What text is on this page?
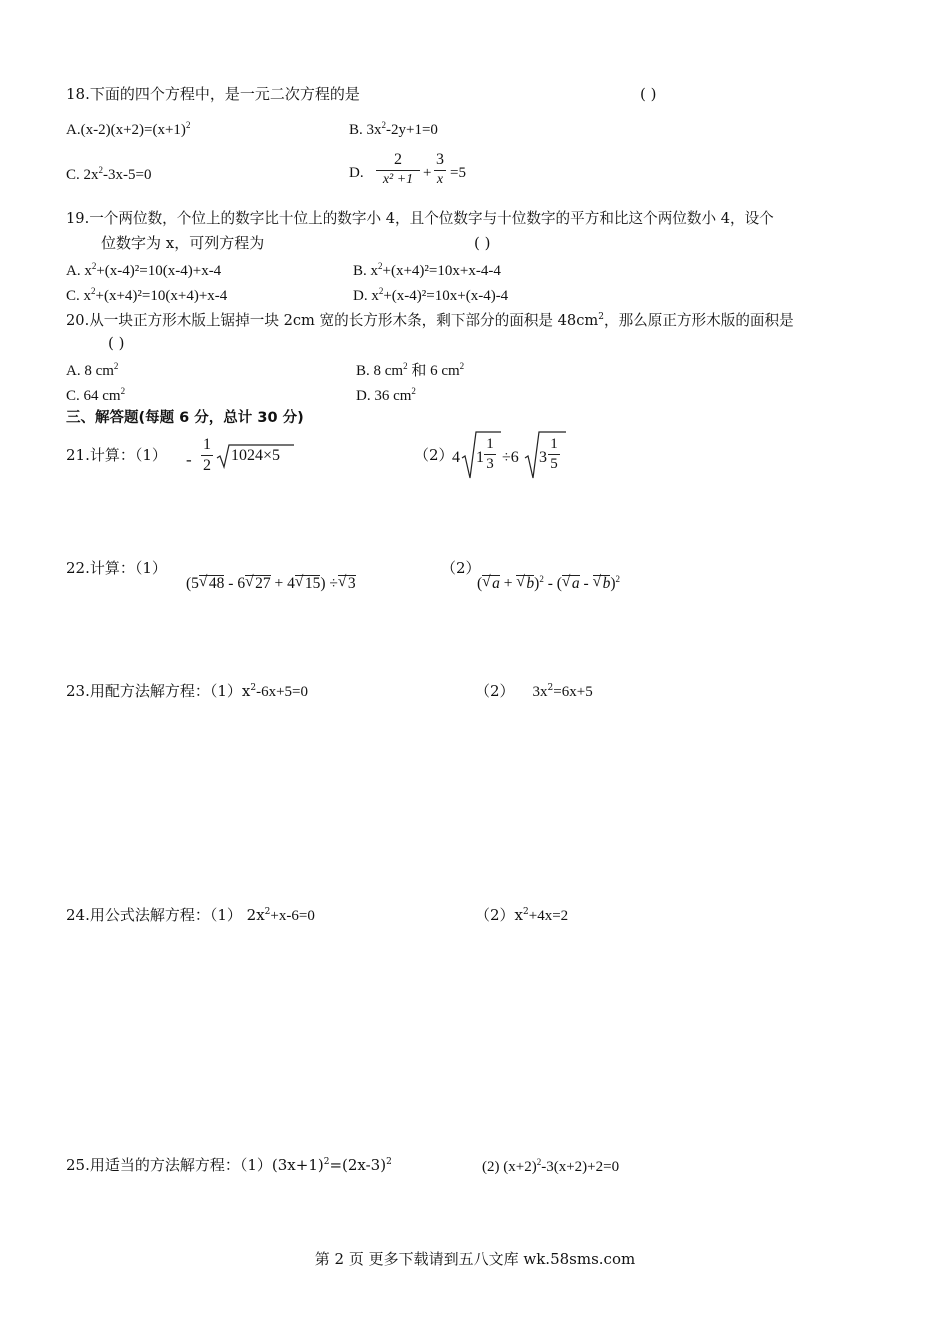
18.下面的四个方程中，是一元二次方程的是	( )
$A.(x-2)(x+2)=(x+1)^2$	B. $3x^2-2y+1=0$
C. $2x^2-3x-5=0$	D.
2
x² +1 +
3
x =5
19.一个两位数，个位上的数字比十位上的数字小 4，且个位数字与十位数字的平方和比这个两位数小 4，设个
位数字为 x，可列方程为	( )
A. $x^2+(x-4)^2=10(x-4)+x-4$	B. $x^2+(x+4)^2=10x+x-4-4$
C. $x^2+(x+4)^2=10(x+4)+x-4$	D. $x^2+(x-4)^2=10x+(x-4)-4$
20.从一块正方形木版上锯掉一块 2cm 宽的长方形木条，剩下部分的面积是 $48cm^2$，那么原正方形木版的面积是
( )
A. 8 $cm^2$	B. 8 $cm^2$ 和 6 $cm^2$
C. 64 $cm^2$	D. 36 $cm^2$
三、解答题(每题 6 分，总计 30 分)
21.计算：（1） -
1
2
1024×5	（2）
4 1
1
3 ÷6 3
1
5
22.计算：（1）
(5 √ 48 - 6 √ 27 + 4 √ 15) ÷ √ 3
（2）
( √ a + √ b)$^2$ - ( √ a - √ b)$^2$
23.用配方法解方程：$(1)x^2-6x+5=0$	（2） $3x^2=6x+5$
24.用公式法解方程：（1） $2x^2+x-6=0$	$(2)x^2+4x=2$
25.用适当的方法解方程：$(1)(3x+1)^2=(2x-3)^2$	(2) $(x+2)^2-3(x+2)+2=0$
第 2 页 更多下载请到五八文库 wk.58sms.com
